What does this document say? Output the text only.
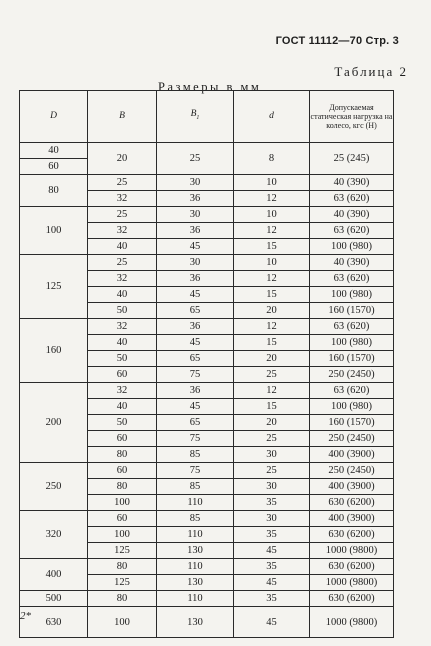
ГОСТ 11112—70 Стр. 3
Таблица 2
Размеры в мм
D	B	$B_1$	d	Допускаемая статическая нагрузка на колесо, кгс (Н)
40	20	25	8	25 (245)
60				
80	25	30	10	40 (390)
	32	36	12	63 (620)
100	25	30	10	40 (390)
	32	36	12	63 (620)
	40	45	15	100 (980)
125	25	30	10	40 (390)
	32	36	12	63 (620)
	40	45	15	100 (980)
	50	65	20	160 (1570)
160	32	36	12	63 (620)
	40	45	15	100 (980)
	50	65	20	160 (1570)
	60	75	25	250 (2450)
200	32	36	12	63 (620)
	40	45	15	100 (980)
	50	65	20	160 (1570)
	60	75	25	250 (2450)
	80	85	30	400 (3900)
250	60	75	25	250 (2450)
	80	85	30	400 (3900)
	100	110	35	630 (6200)
320	60	85	30	400 (3900)
	100	110	35	630 (6200)
	125	130	45	1000 (9800)
400	80	110	35	630 (6200)
	125	130	45	1000 (9800)
500	80	110	35	630 (6200)
630	100	130	45	1000 (9800)
2*
